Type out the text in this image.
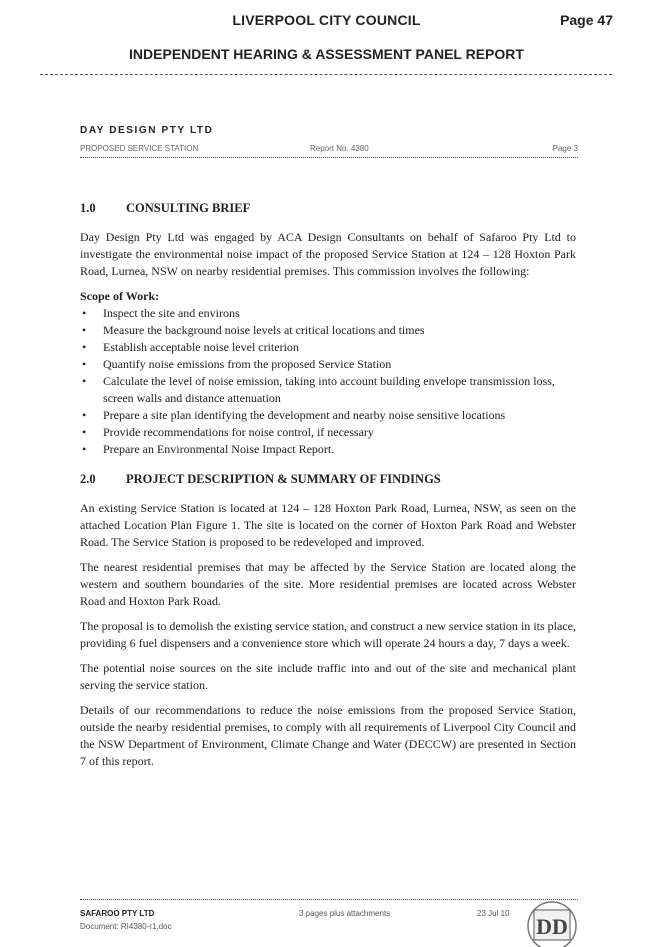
LIVERPOOL CITY COUNCIL	Page 47
INDEPENDENT HEARING & ASSESSMENT PANEL REPORT
DAY DESIGN PTY LTD
PROPOSED SERVICE STATION	Report No. 4380	Page 3
1.0 CONSULTING BRIEF

Day Design Pty Ltd was engaged by ACA Design Consultants on behalf of Safaroo Pty Ltd to investigate the environmental noise impact of the proposed Service Station at 124 – 128 Hoxton Park Road, Lurnea, NSW on nearby residential premises. This commission involves the following:

Scope of Work:
• Inspect the site and environs
• Measure the background noise levels at critical locations and times
• Establish acceptable noise level criterion
• Quantify noise emissions from the proposed Service Station
• Calculate the level of noise emission, taking into account building envelope transmission loss, screen walls and distance attenuation
• Prepare a site plan identifying the development and nearby noise sensitive locations
• Provide recommendations for noise control, if necessary
• Prepare an Environmental Noise Impact Report.
2.0 PROJECT DESCRIPTION & SUMMARY OF FINDINGS

An existing Service Station is located at 124 – 128 Hoxton Park Road, Lurnea, NSW, as seen on the attached Location Plan Figure 1. The site is located on the corner of Hoxton Park Road and Webster Road. The Service Station is proposed to be redeveloped and improved.

The nearest residential premises that may be affected by the Service Station are located along the western and southern boundaries of the site. More residential premises are located across Webster Road and Hoxton Park Road.

The proposal is to demolish the existing service station, and construct a new service station in its place, providing 6 fuel dispensers and a convenience store which will operate 24 hours a day, 7 days a week.

The potential noise sources on the site include traffic into and out of the site and mechanical plant serving the service station.

Details of our recommendations to reduce the noise emissions from the proposed Service Station, outside the nearby residential premises, to comply with all requirements of Liverpool City Council and the NSW Department of Environment, Climate Change and Water (DECCW) are presented in Section 7 of this report.

SAFAROO PTY LTD
Document: RI4380-r1.doc
3 pages plus attachments	23 Jul 10
DD
